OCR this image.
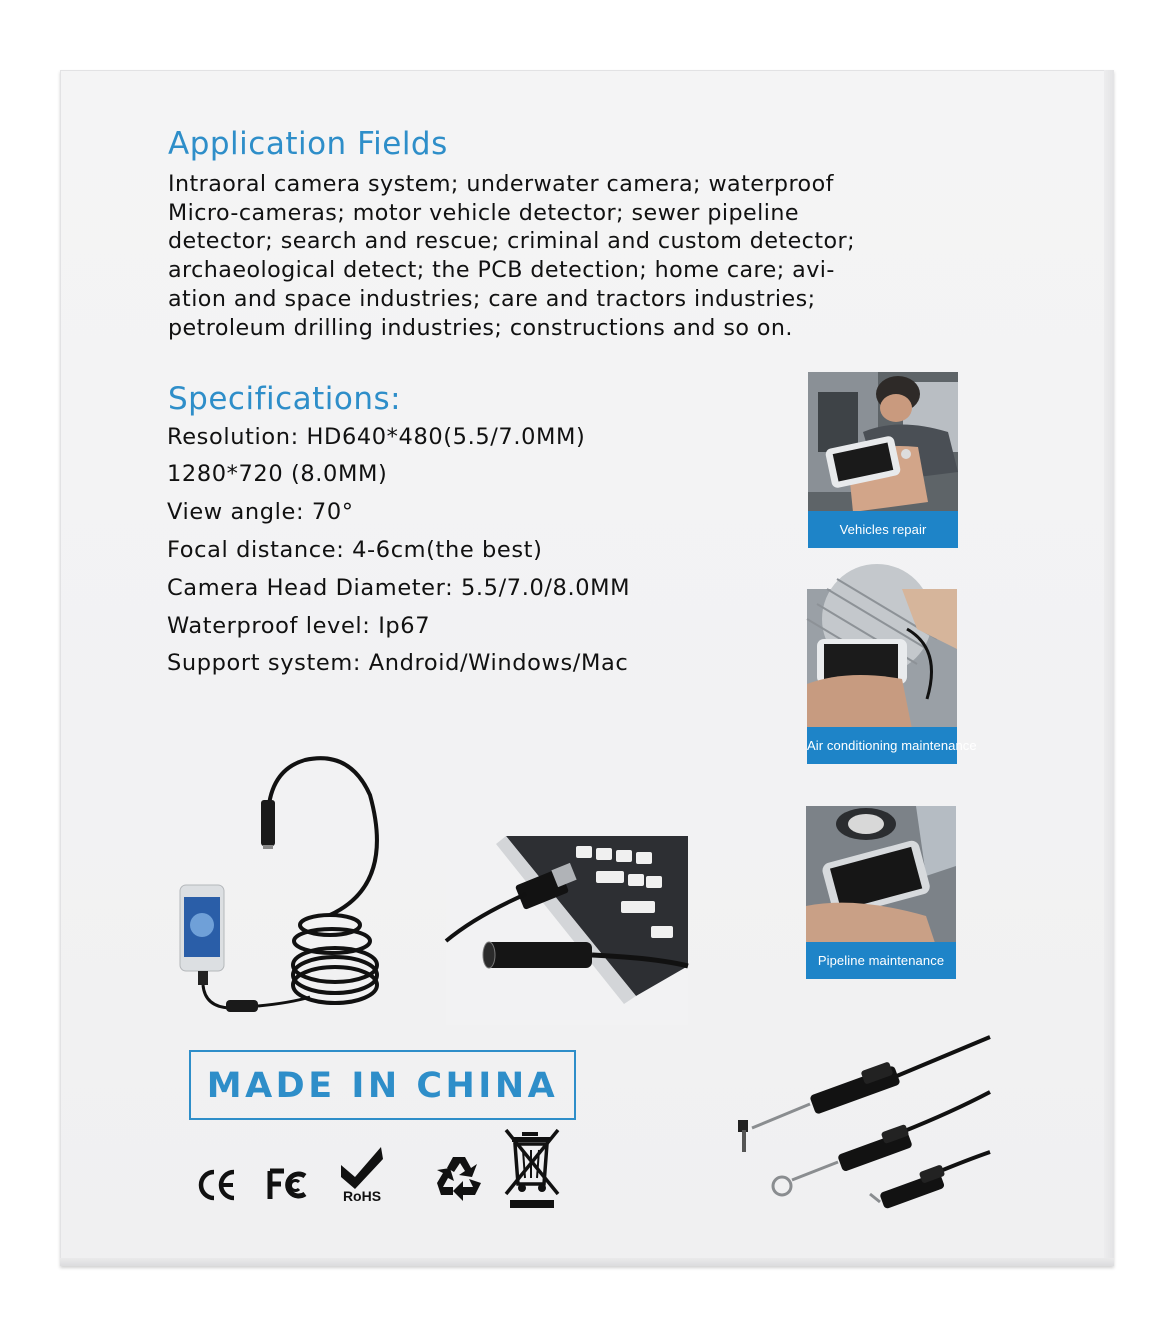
Application Fields
Intraoral camera system; underwater camera; waterproof
Micro-cameras; motor vehicle detector; sewer pipeline
detector; search and rescue; criminal and custom detector;
archaeological detect; the PCB detection; home care; avi-
ation and space industries; care and tractors industries;
petroleum drilling industries; constructions and so on.
Specifications:
Resolution: HD640*480(5.5/7.0MM)
1280*720 (8.0MM)
View angle: 70°
Focal distance: 4-6cm(the best)
Camera Head Diameter: 5.5/7.0/8.0MM
Waterproof level: Ip67
Support system: Android/Windows/Mac
Vehicles repair
Air conditioning maintenance
Pipeline maintenance
MADE IN CHINA
RoHS
